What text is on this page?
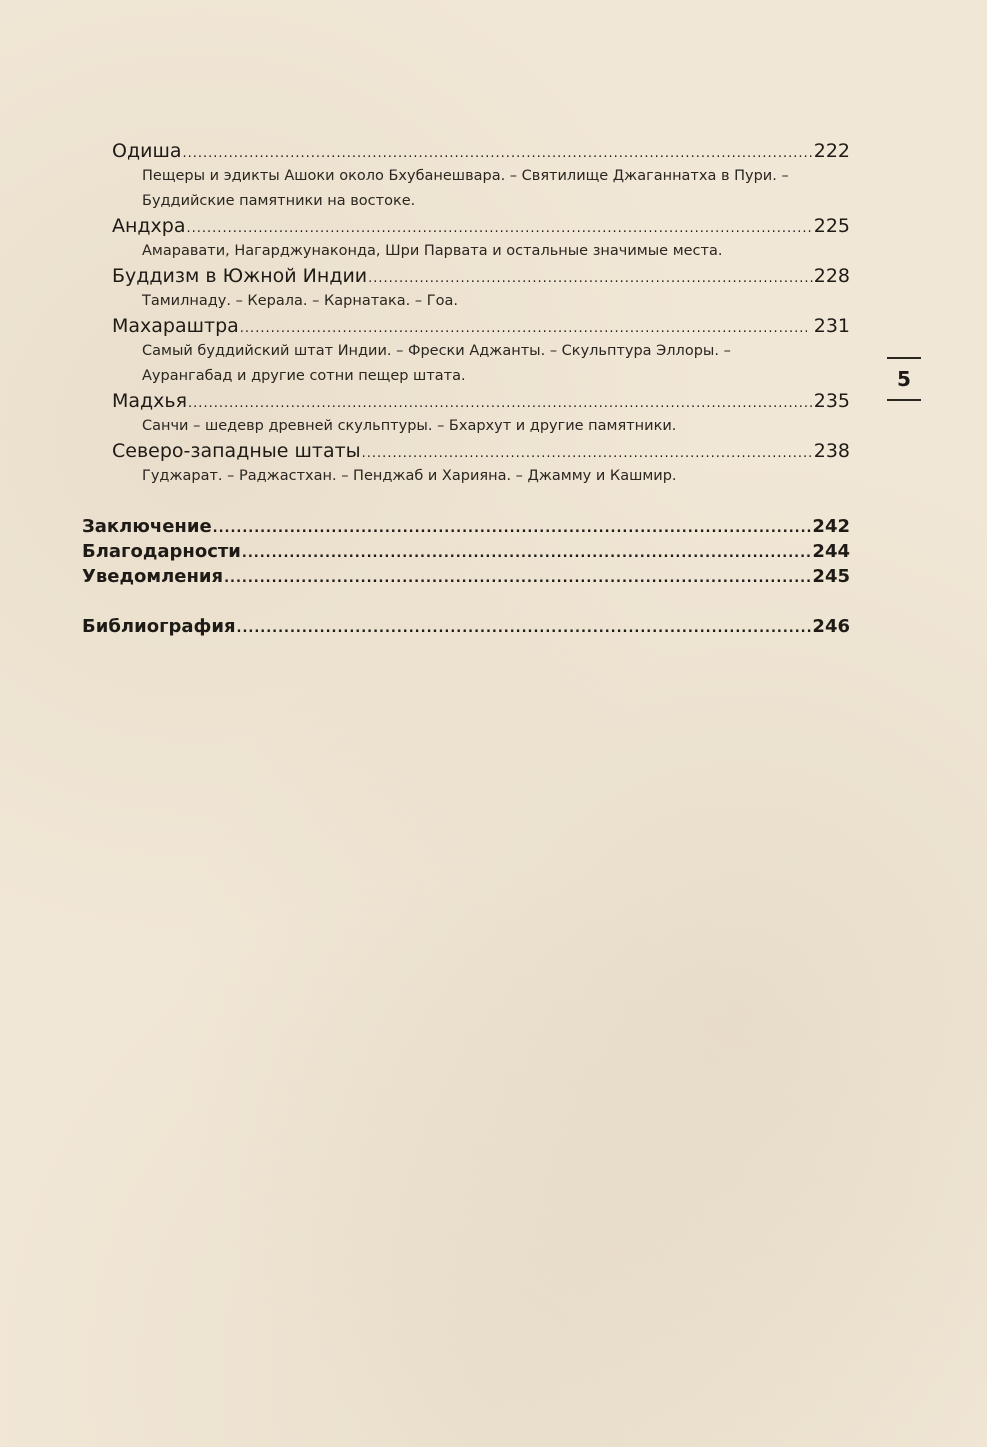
Одиша .....	222
Пещеры и эдикты Ашоки около Бхубанешвара. – Святилище Джаганнатха в Пури. –
Буддийские памятники на востоке.
Андхра .....	225
Амаравати, Нагарджунаконда, Шри Парвата и остальные значимые места.
Буддизм в Южной Индии .....	228
Тамилнаду. – Керала. – Карнатака. – Гоа.
Махараштра .....	231
Самый буддийский штат Индии. – Фрески Аджанты. – Скульптура Эллоры. –
Аурангабад и другие сотни пещер штата.
Мадхья .....	235
Санчи – шедевр древней скульптуры. – Бхархут и другие памятники.
Северо-западные штаты .....	238
Гуджарат. – Раджастхан. – Пенджаб и Харияна. – Джамму и Кашмир.
Заключение .....	242
Благодарности .....	244
Уведомления .....	245
Библиография .....	246
5
